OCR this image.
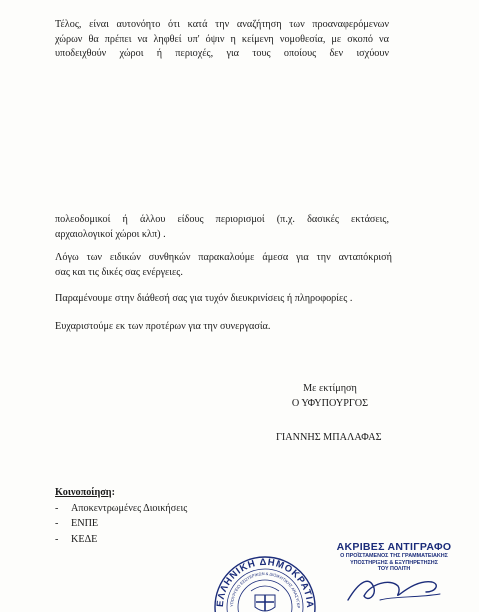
Τέλος, είναι αυτονόητο ότι κατά την αναζήτηση των προαναφερόμενων
χώρων θα πρέπει να ληφθεί υπ' όψιν η κείμενη νομοθεσία, με σκοπό να
υποδειχθούν χώροι ή περιοχές, για τους οποίους δεν ισχύουν
πολεοδομικοί ή άλλου είδους περιορισμοί (π.χ. δασικές εκτάσεις,
αρχαιολογικοί χώροι κλπ) .
Λόγω των ειδικών συνθηκών παρακαλούμε άμεσα για την ανταπόκρισή
σας και τις δικές σας ενέργειες.
Παραμένουμε στην διάθεσή σας για τυχόν διευκρινίσεις ή πληροφορίες .
Ευχαριστούμε εκ των προτέρων για την συνεργασία.
Με εκτίμηση
Ο ΥΦΥΠΟΥΡΓΟΣ
ΓΙΑΝΝΗΣ ΜΠΑΛΑΦΑΣ
Κοινοποίηση:
- Αποκεντρωμένες Διοικήσεις
- ΕΝΠΕ
- ΚΕΔΕ
ΕΛΛΗΝΙΚΗ ΔΗΜΟΚΡΑΤΙΑ
ΥΠΟΥΡΓΕΙΟ ΕΣΩΤΕΡΙΚΩΝ & ΔΙΟΙΚΗΤΙΚΗΣ ΑΝΑΣΥΓΚΡ
ΑΚΡΙΒΕΣ ΑΝΤΙΓΡΑΦΟ
Ο ΠΡΟΪΣΤΑΜΕΝΟΣ ΤΗΣ ΓΡΑΜΜΑΤΕΙΑΚΗΣ
ΥΠΟΣΤΗΡΙΞΗΣ & ΕΞΥΠΗΡΕΤΗΣΗΣ
ΤΟΥ ΠΟΛΙΤΗ
